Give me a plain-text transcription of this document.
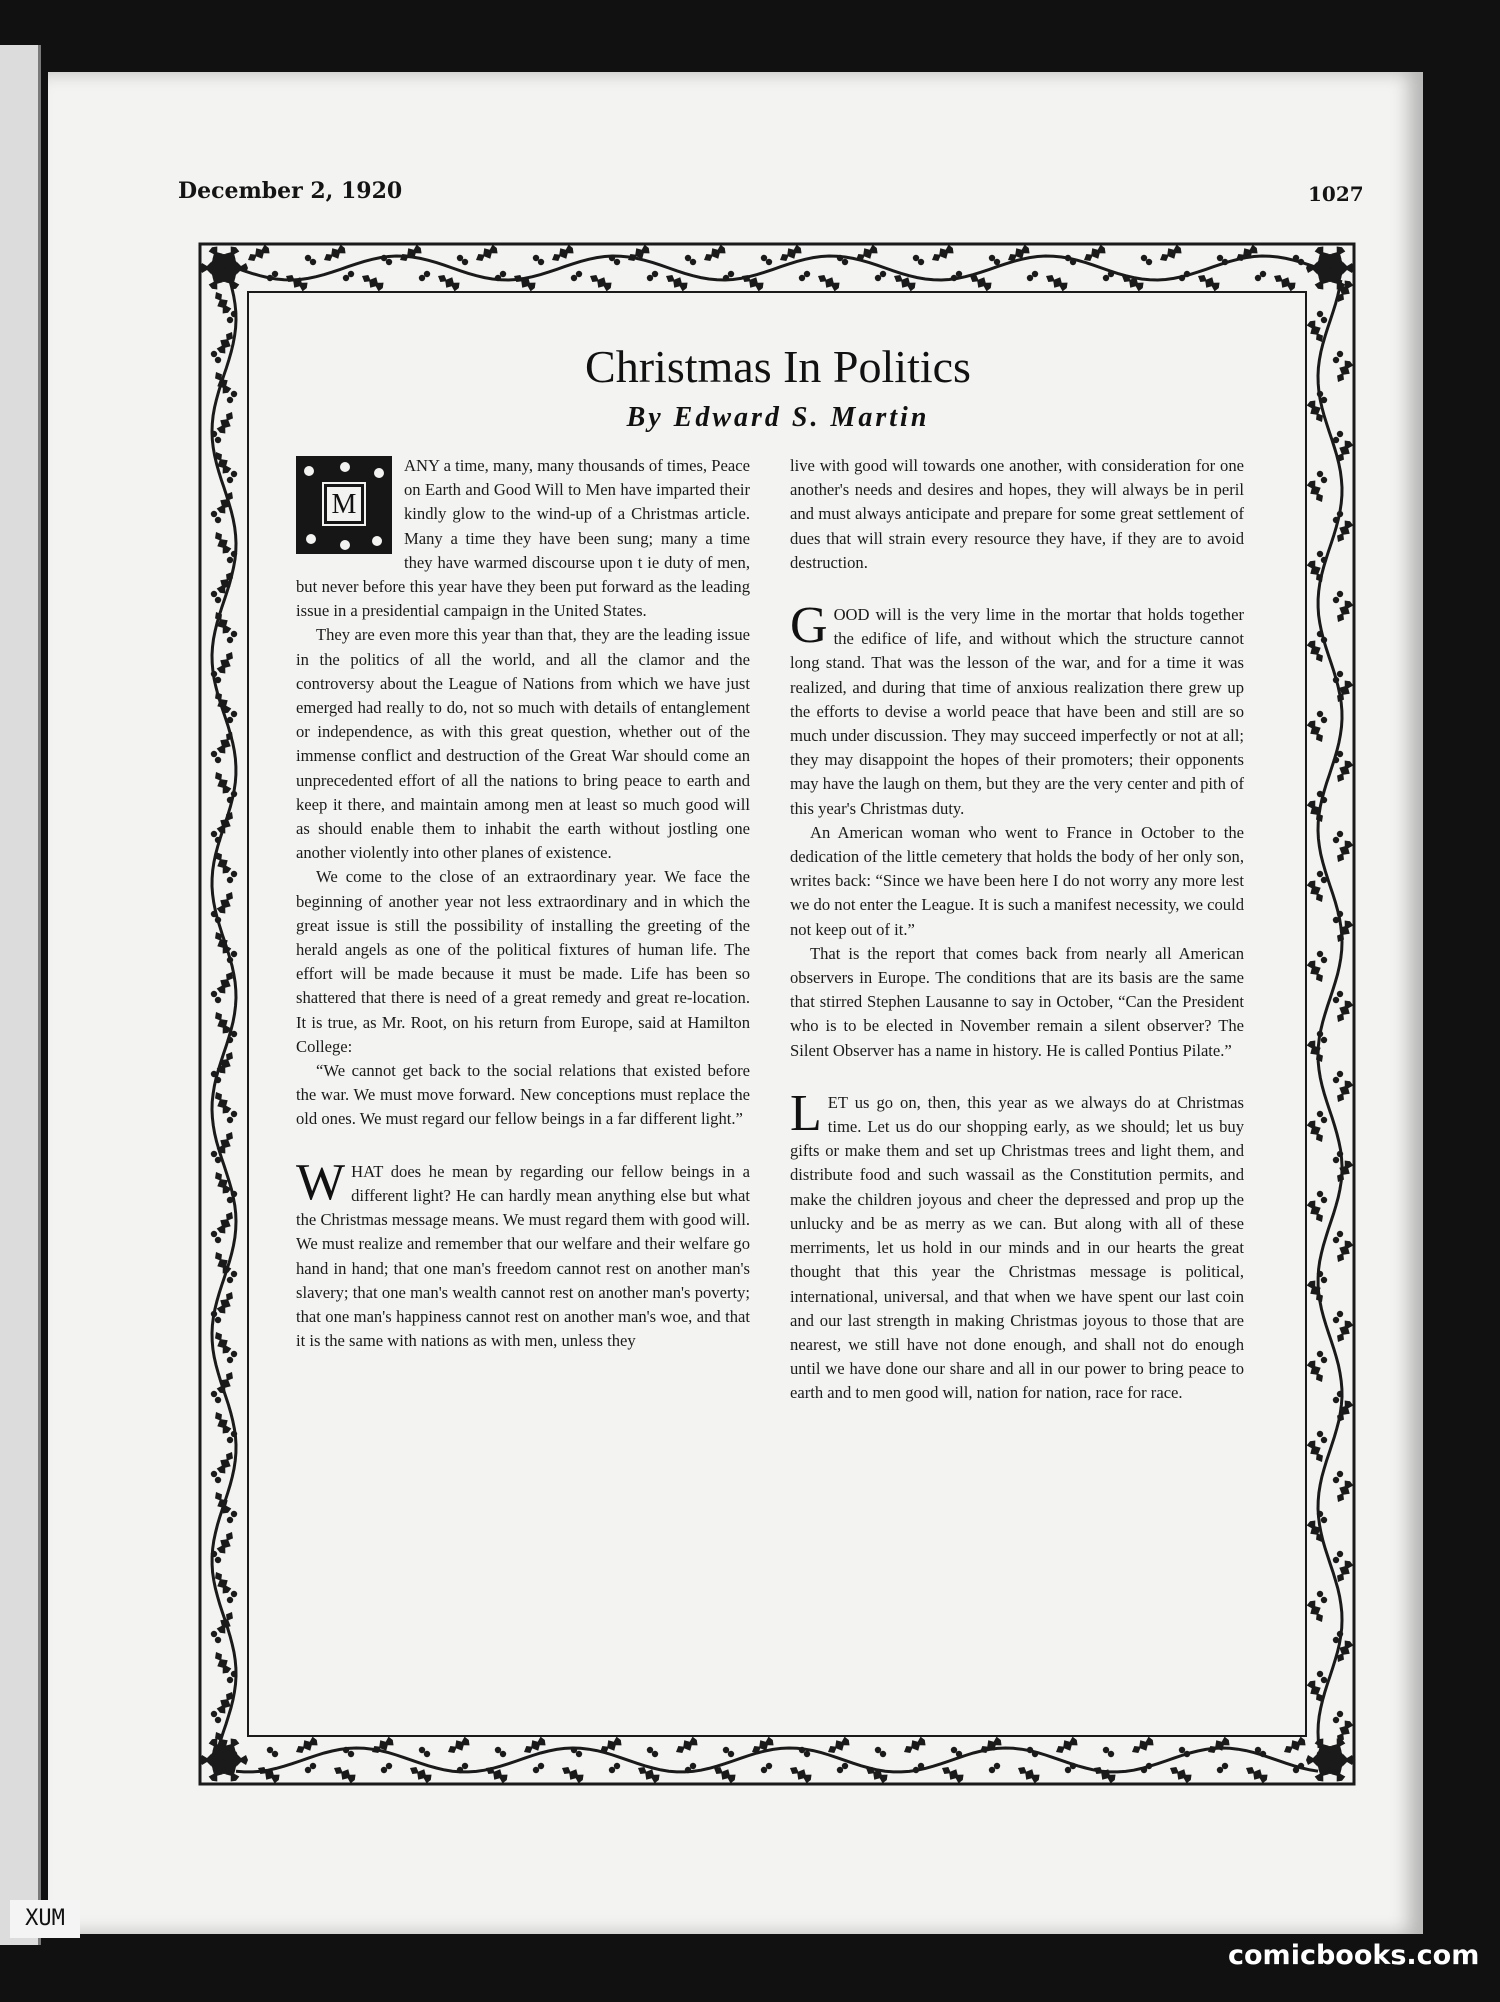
December 2, 1920	1027
Christmas In Politics
By Edward S. Martin
M

ANY a time, many, many thousands of times, Peace on Earth and Good Will to Men have imparted their kindly glow to the wind-up of a Christmas article. Many a time they have been sung; many a time they have warmed discourse upon t ie duty of men, but never before this year have they been put forward as the leading issue in a presidential campaign in the United States.

They are even more this year than that, they are the leading issue in the politics of all the world, and all the clamor and the controversy about the League of Nations from which we have just emerged had really to do, not so much with details of entanglement or independence, as with this great question, whether out of the immense conflict and destruction of the Great War should come an unprecedented effort of all the nations to bring peace to earth and keep it there, and maintain among men at least so much good will as should enable them to inhabit the earth without jostling one another violently into other planes of existence.

We come to the close of an extraordinary year. We face the beginning of another year not less extraordinary and in which the great issue is still the possibility of installing the greeting of the herald angels as one of the political fixtures of human life. The effort will be made because it must be made. Life has been so shattered that there is need of a great remedy and great re-location. It is true, as Mr. Root, on his return from Europe, said at Hamilton College:

“We cannot get back to the social relations that existed before the war. We must move forward. New conceptions must replace the old ones. We must regard our fellow beings in a far different light.”

WHAT does he mean by regarding our fellow beings in a different light? He can hardly mean anything else but what the Christmas message means. We must regard them with good will. We must realize and remember that our welfare and their welfare go hand in hand; that one man's freedom cannot rest on another man's slavery; that one man's wealth cannot rest on another man's poverty; that one man's happiness cannot rest on another man's woe, and that it is the same with nations as with men, unless they

live with good will towards one another, with consideration for one another's needs and desires and hopes, they will always be in peril and must always anticipate and prepare for some great settlement of dues that will strain every resource they have, if they are to avoid destruction.

GOOD will is the very lime in the mortar that holds together the edifice of life, and without which the structure cannot long stand. That was the lesson of the war, and for a time it was realized, and during that time of anxious realization there grew up the efforts to devise a world peace that have been and still are so much under discussion. They may succeed imperfectly or not at all; they may disappoint the hopes of their promoters; their opponents may have the laugh on them, but they are the very center and pith of this year's Christmas duty.

An American woman who went to France in October to the dedication of the little cemetery that holds the body of her only son, writes back: “Since we have been here I do not worry any more lest we do not enter the League. It is such a manifest necessity, we could not keep out of it.”

That is the report that comes back from nearly all American observers in Europe. The conditions that are its basis are the same that stirred Stephen Lausanne to say in October, “Can the President who is to be elected in November remain a silent observer? The Silent Observer has a name in history. He is called Pontius Pilate.”

LET us go on, then, this year as we always do at Christmas time. Let us do our shopping early, as we should; let us buy gifts or make them and set up Christmas trees and light them, and distribute food and such wassail as the Constitution permits, and make the children joyous and cheer the depressed and prop up the unlucky and be as merry as we can. But along with all of these merriments, let us hold in our minds and in our hearts the great thought that this year the Christmas message is political, international, universal, and that when we have spent our last coin and our last strength in making Christmas joyous to those that are nearest, we still have not done enough, and shall not do enough until we have done our share and all in our power to bring peace to earth and to men good will, nation for nation, race for race.

XUM
comicbooks.com
